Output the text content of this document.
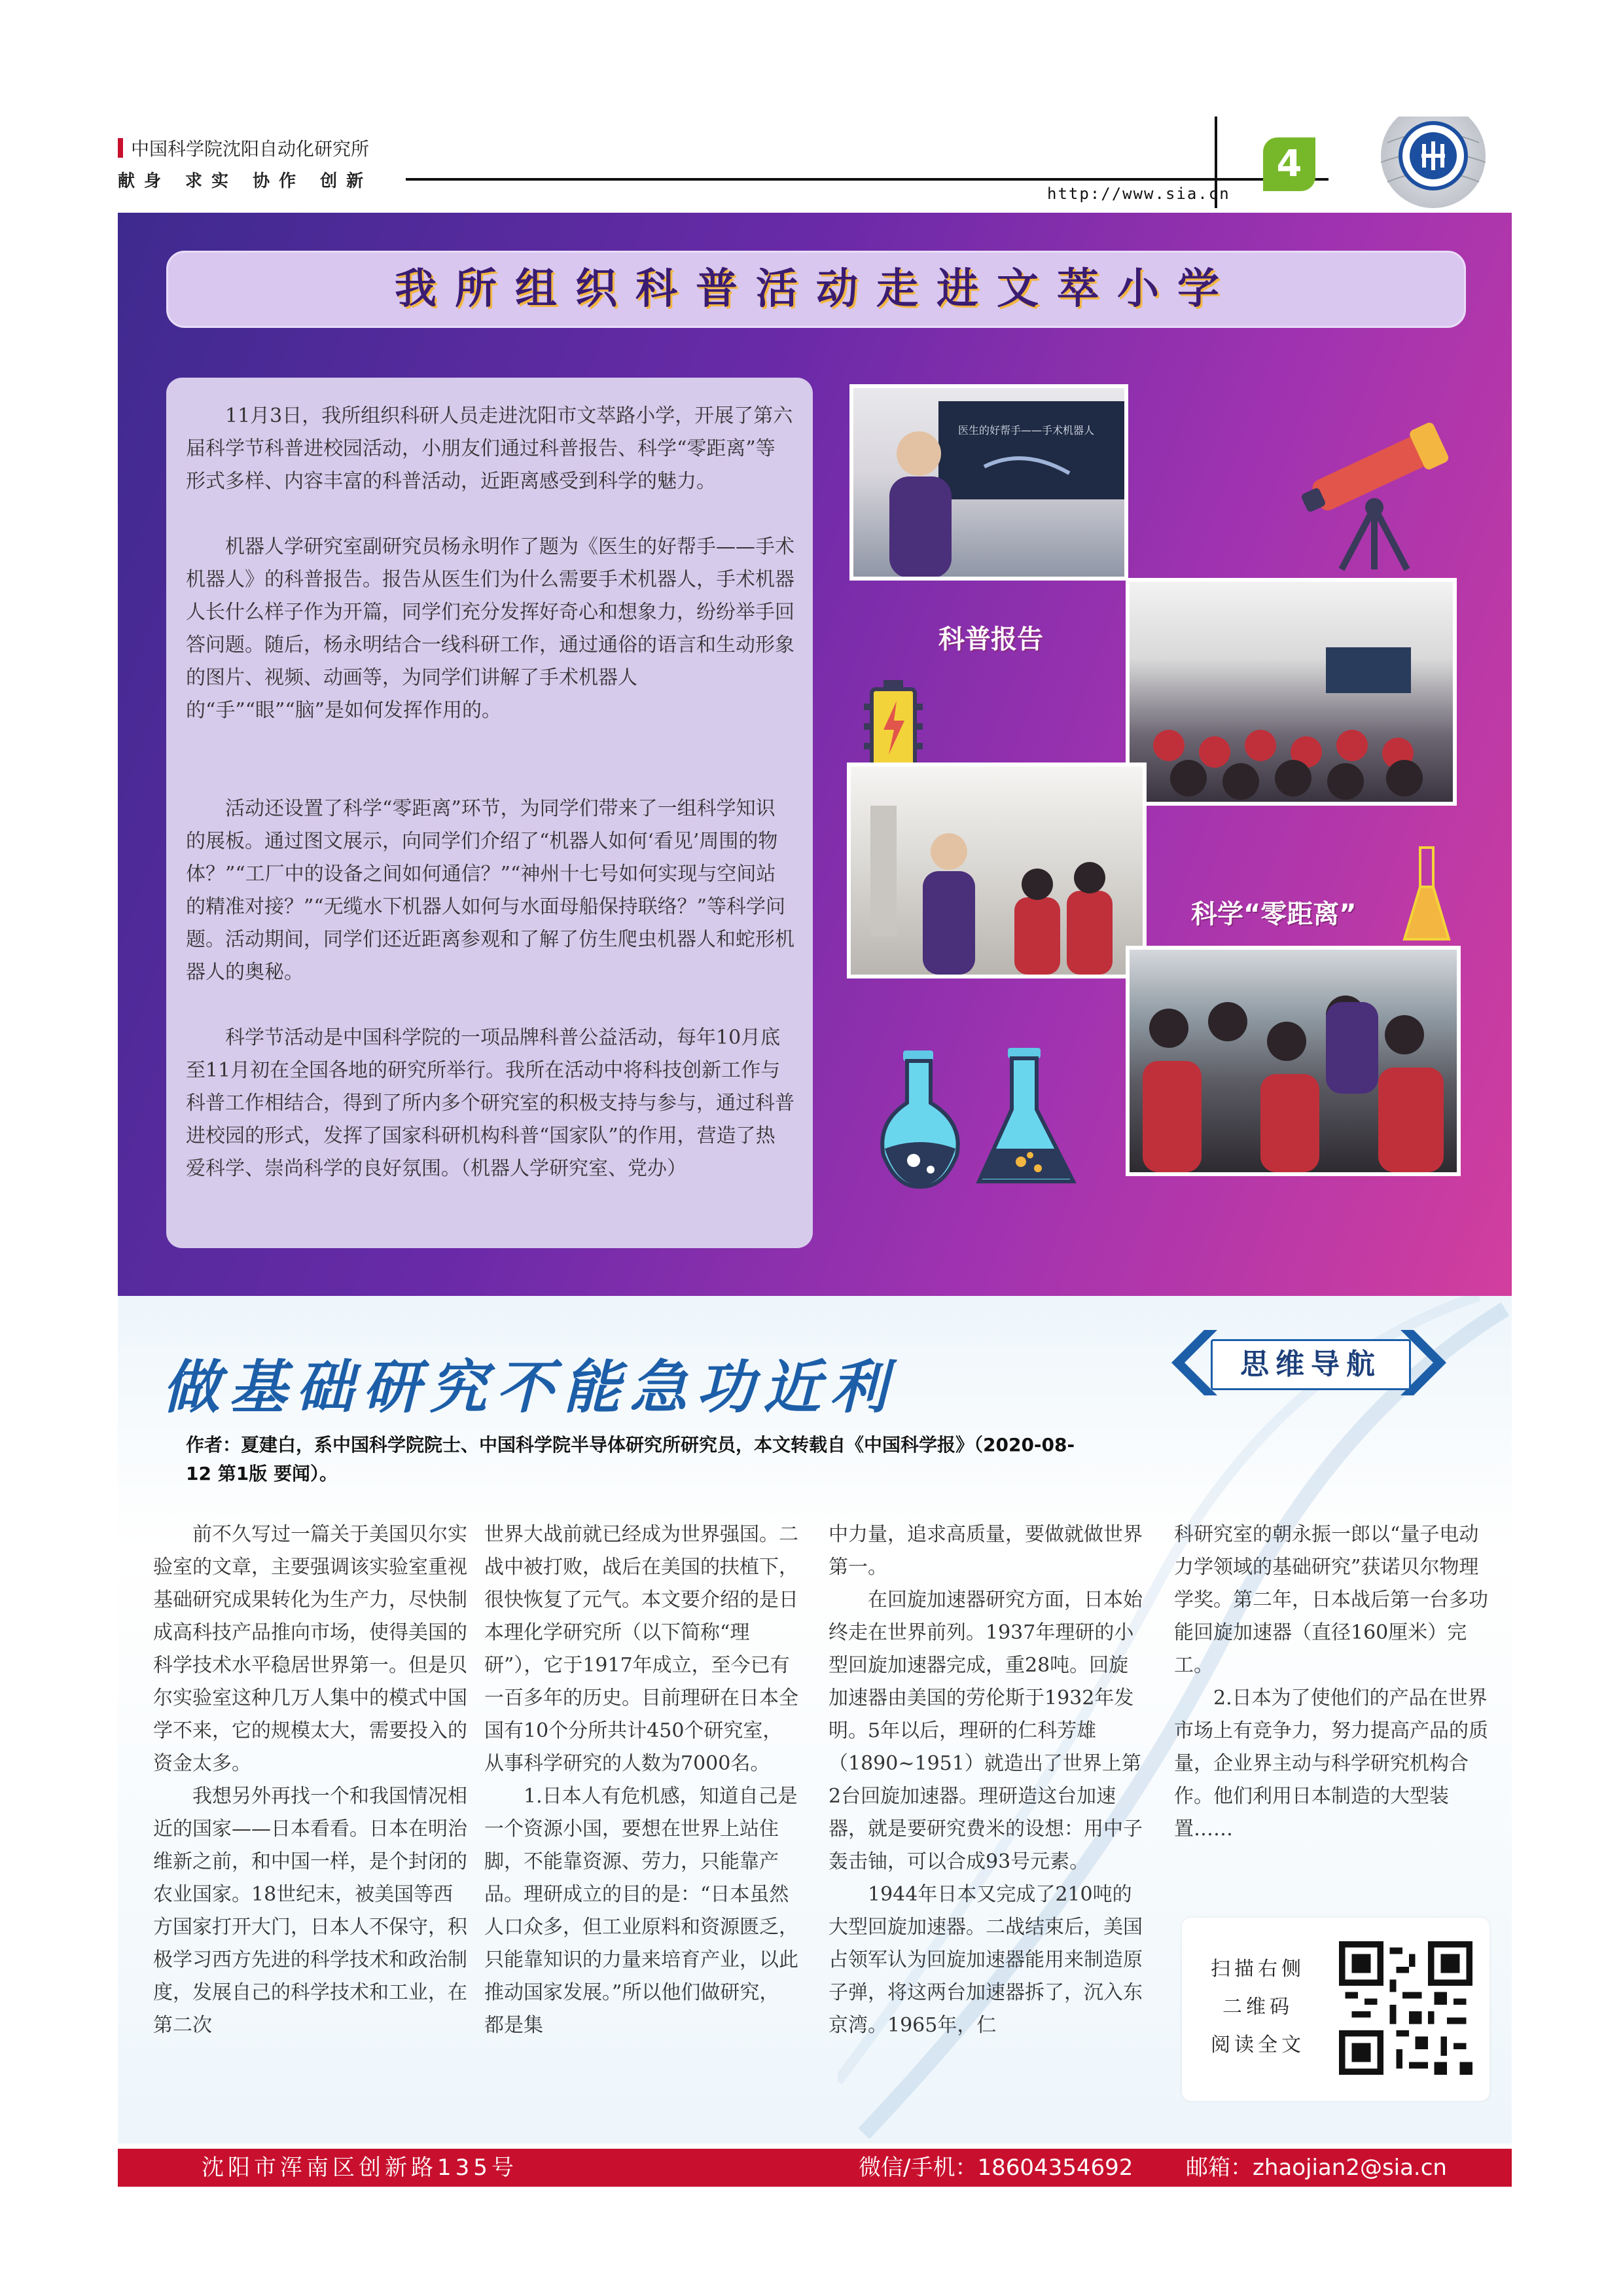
中国科学院沈阳自动化研究所
献身 求实 协作 创新
http://www.sia.cn
4
我所组织科普活动走进文萃小学

11月3日，我所组织科研人员走进沈阳市文萃路小学，开展了第六届科学节科普进校园活动，小朋友们通过科普报告、科学“零距离”等形式多样、内容丰富的科普活动，近距离感受到科学的魅力。

机器人学研究室副研究员杨永明作了题为《医生的好帮手——手术机器人》的科普报告。报告从医生们为什么需要手术机器人，手术机器人长什么样子作为开篇，同学们充分发挥好奇心和想象力，纷纷举手回答问题。随后，杨永明结合一线科研工作，通过通俗的语言和生动形象的图片、视频、动画等，为同学们讲解了手术机器人的“手”“眼”“脑”是如何发挥作用的。

活动还设置了科学“零距离”环节，为同学们带来了一组科学知识的展板。通过图文展示，向同学们介绍了“机器人如何‘看见’周围的物体？”“工厂中的设备之间如何通信？”“神州十七号如何实现与空间站的精准对接？”“无缆水下机器人如何与水面母船保持联络？”等科学问题。活动期间，同学们还近距离参观和了解了仿生爬虫机器人和蛇形机器人的奥秘。

科学节活动是中国科学院的一项品牌科普公益活动，每年10月底至11月初在全国各地的研究所举行。我所在活动中将科技创新工作与科普工作相结合，得到了所内多个研究室的积极支持与参与，通过科普进校园的形式，发挥了国家科研机构科普“国家队”的作用，营造了热爱科学、崇尚科学的良好氛围。（机器人学研究室、党办）

医生的好帮手——手术机器人
科普报告
科学“零距离”
做基础研究不能急功近利	思维导航
作者：夏建白，系中国科学院院士、中国科学院半导体研究所研究员，本文转载自《中国科学报》（2020-08-12 第1版 要闻）。

前不久写过一篇关于美国贝尔实验室的文章，主要强调该实验室重视基础研究成果转化为生产力，尽快制成高科技产品推向市场，使得美国的科学技术水平稳居世界第一。但是贝尔实验室这种几万人集中的模式中国学不来，它的规模太大，需要投入的资金太多。

我想另外再找一个和我国情况相近的国家——日本看看。日本在明治维新之前，和中国一样，是个封闭的农业国家。18世纪末，被美国等西方国家打开大门，日本人不保守，积极学习西方先进的科学技术和政治制度，发展自己的科学技术和工业，在第二次

世界大战前就已经成为世界强国。二战中被打败，战后在美国的扶植下，很快恢复了元气。本文要介绍的是日本理化学研究所（以下简称“理研”），它于1917年成立，至今已有一百多年的历史。目前理研在日本全国有10个分所共计450个研究室，从事科学研究的人数为7000名。

1.日本人有危机感，知道自己是一个资源小国，要想在世界上站住脚，不能靠资源、劳力，只能靠产品。理研成立的目的是：“日本虽然人口众多，但工业原料和资源匮乏，只能靠知识的力量来培育产业，以此推动国家发展。”所以他们做研究，都是集

中力量，追求高质量，要做就做世界第一。

在回旋加速器研究方面，日本始终走在世界前列。1937年理研的小型回旋加速器完成，重28吨。回旋加速器由美国的劳伦斯于1932年发明。5年以后，理研的仁科芳雄（1890~1951）就造出了世界上第2台回旋加速器。理研造这台加速器，就是要研究费米的设想：用中子轰击铀，可以合成93号元素。

1944年日本又完成了210吨的大型回旋加速器。二战结束后，美国占领军认为回旋加速器能用来制造原子弹，将这两台加速器拆了，沉入东京湾。1965年，仁

科研究室的朝永振一郎以“量子电动力学领域的基础研究”获诺贝尔物理学奖。第二年，日本战后第一台多功能回旋加速器（直径160厘米）完工。

2.日本为了使他们的产品在世界市场上有竞争力，努力提高产品的质量，企业界主动与科学研究机构合作。他们利用日本制造的大型装置……

扫描右侧
二维码
阅读全文
沈阳市浑南区创新路135号	微信/手机：18604354692 邮箱：zhaojian2@sia.cn
